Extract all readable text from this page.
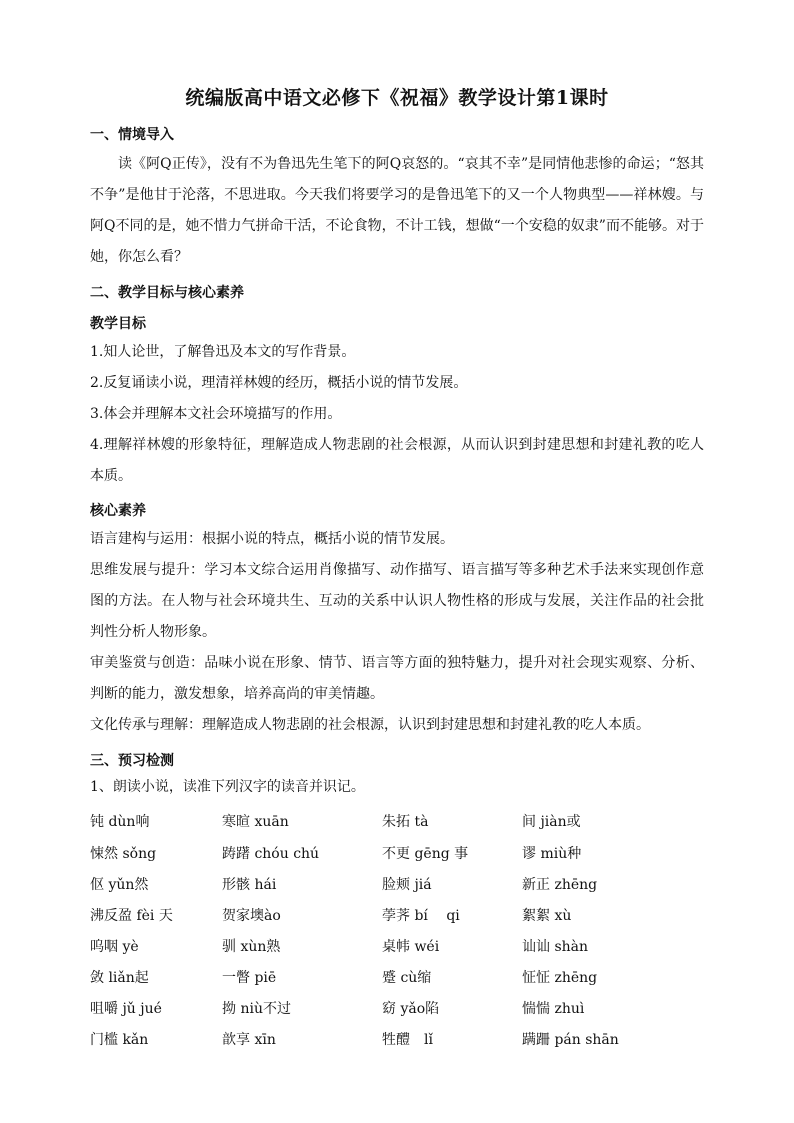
统编版高中语文必修下《祝福》教学设计第1课时
一、情境导入
读《阿Q正传》，没有不为鲁迅先生笔下的阿Q哀怒的。“哀其不幸”是同情他悲惨的命运；“怒其不争”是他甘于沦落，不思进取。今天我们将要学习的是鲁迅笔下的又一个人物典型——祥林嫂。与阿Q不同的是，她不惜力气拼命干活，不论食物，不计工钱，想做“一个安稳的奴隶”而不能够。对于她，你怎么看？
二、教学目标与核心素养
教学目标
1.知人论世，了解鲁迅及本文的写作背景。
2.反复诵读小说，理清祥林嫂的经历，概括小说的情节发展。
3.体会并理解本文社会环境描写的作用。
4.理解祥林嫂的形象特征，理解造成人物悲剧的社会根源，从而认识到封建思想和封建礼教的吃人本质。
核心素养
语言建构与运用：根据小说的特点，概括小说的情节发展。
思维发展与提升：学习本文综合运用肖像描写、动作描写、语言描写等多种艺术手法来实现创作意图的方法。在人物与社会环境共生、互动的关系中认识人物性格的形成与发展，关注作品的社会批判性分析人物形象。
审美鉴赏与创造：品味小说在形象、情节、语言等方面的独特魅力，提升对社会现实观察、分析、判断的能力，激发想象，培养高尚的审美情趣。
文化传承与理解：理解造成人物悲剧的社会根源，认识到封建思想和封建礼教的吃人本质。
三、预习检测
1、朗读小说，读准下列汉字的读音并识记。
钝 dùn响	寒暄 xuān	朱拓 tà	间 jiàn或
悚然 sǒng	踌躇 chóu chú	不更 gēng 事	谬 miù种
伛 yǔn然	形骸 hái	脸颊 jiá	新正 zhēng
沸反盈 fèi 天	贺家墺ào	荸荠 bí　 qi	絮絮 xù
呜咽 yè	驯 xùn熟	桌帏 wéi	讪讪 shàn
敛 liǎn起	一瞥 piē	蹙 cù缩	怔怔 zhēng
咀嚼 jǔ jué	拗 niù不过	窈 yǎo陷	惴惴 zhuì
门槛 kǎn	歆享 xīn	牲醴　lǐ	蹒跚 pán shān
